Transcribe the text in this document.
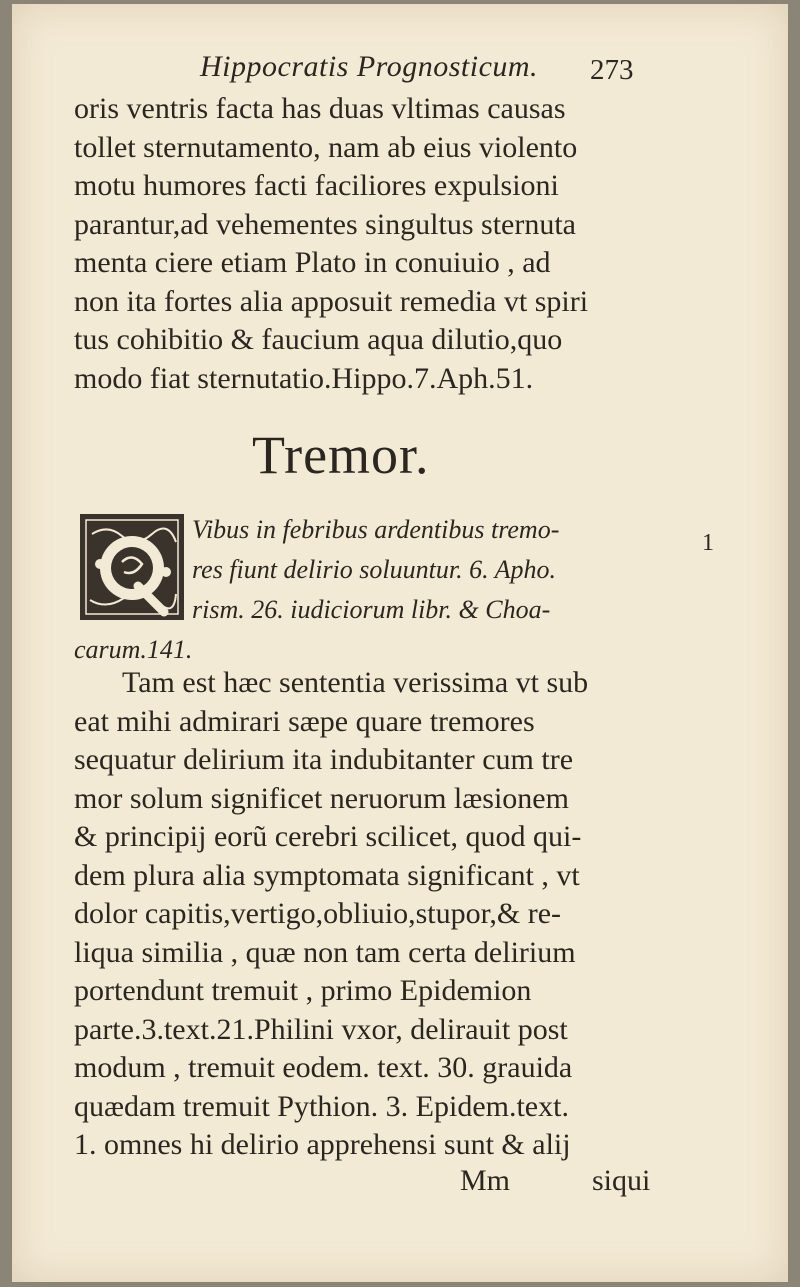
Hippocratis Prognosticum. 273
oris ventris facta has duas vltimas causas
tollet sternutamento, nam ab eius violento
motu humores facti faciliores expulsioni
parantur,ad vehementes singultus sternuta
menta ciere etiam Plato in conuiuio , ad
non ita fortes alia apposuit remedia vt spiri
tus cohibitio & faucium aqua dilutio,quo
modo fiat sternutatio.Hippo.7.Aph.51.
Tremor.
1
Vibus in febribus ardentibus tremo-
res fiunt delirio soluuntur. 6. Apho.
rism. 26. iudiciorum libr. & Choa-
carum.141.
Tam est hæc sententia verissima vt sub
eat mihi admirari sæpe quare tremores
sequatur delirium ita indubitanter cum tre
mor solum significet neruorum læsionem
& principij eorũ cerebri scilicet, quod qui-
dem plura alia symptomata significant , vt
dolor capitis,vertigo,obliuio,stupor,& re-
liqua similia , quæ non tam certa delirium
portendunt tremuit , primo Epidemion
parte.3.text.21.Philini vxor, delirauit post
modum , tremuit eodem. text. 30. grauida
quædam tremuit Pythion. 3. Epidem.text.
1. omnes hi delirio apprehensi sunt & alij
Mm	siqui
